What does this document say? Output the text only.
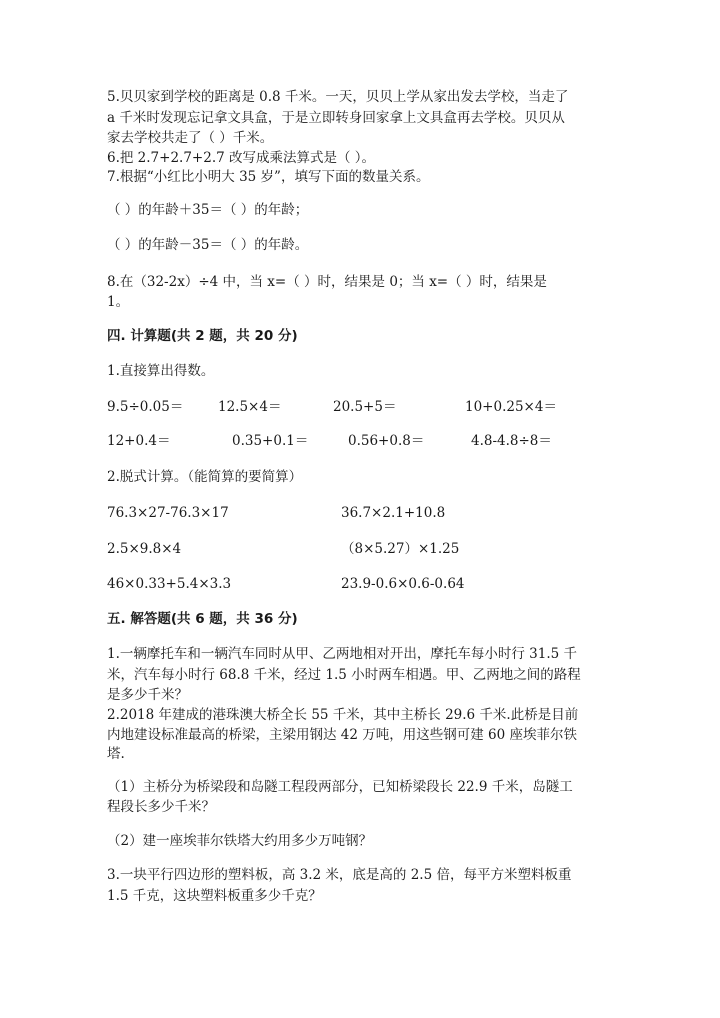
5.贝贝家到学校的距离是 0.8 千米。一天，贝贝上学从家出发去学校，当走了
a 千米时发现忘记拿文具盒，于是立即转身回家拿上文具盒再去学校。贝贝从
家去学校共走了（ ）千米。
6.把 2.7+2.7+2.7 改写成乘法算式是（ ）。
7.根据“小红比小明大 35 岁”，填写下面的数量关系。
（ ）的年龄＋35＝（ ）的年龄；
（ ）的年龄－35＝（ ）的年龄。
8.在（32-2x）÷4 中，当 x=（ ）时，结果是 0；当 x=（ ）时，结果是
1。
四. 计算题(共 2 题，共 20 分)
1.直接算出得数。
9.5÷0.05＝	12.5×4＝	20.5+5＝	10+0.25×4＝
12+0.4＝	0.35+0.1＝	0.56+0.8＝	4.8-4.8÷8＝
2.脱式计算。（能简算的要简算）
76.3×27-76.3×17	36.7×2.1+10.8
2.5×9.8×4	（8×5.27）×1.25
46×0.33+5.4×3.3	23.9-0.6×0.6-0.64
五. 解答题(共 6 题，共 36 分)
1.一辆摩托车和一辆汽车同时从甲、乙两地相对开出，摩托车每小时行 31.5 千
米，汽车每小时行 68.8 千米，经过 1.5 小时两车相遇。甲、乙两地之间的路程
是多少千米？
2.2018 年建成的港珠澳大桥全长 55 千米，其中主桥长 29.6 千米.此桥是目前
内地建设标准最高的桥梁，主梁用钢达 42 万吨，用这些钢可建 60 座埃菲尔铁
塔.
（1）主桥分为桥梁段和岛隧工程段两部分，已知桥梁段长 22.9 千米，岛隧工
程段长多少千米？
（2）建一座埃菲尔铁塔大约用多少万吨钢？
3.一块平行四边形的塑料板，高 3.2 米，底是高的 2.5 倍，每平方米塑料板重
1.5 千克，这块塑料板重多少千克？
